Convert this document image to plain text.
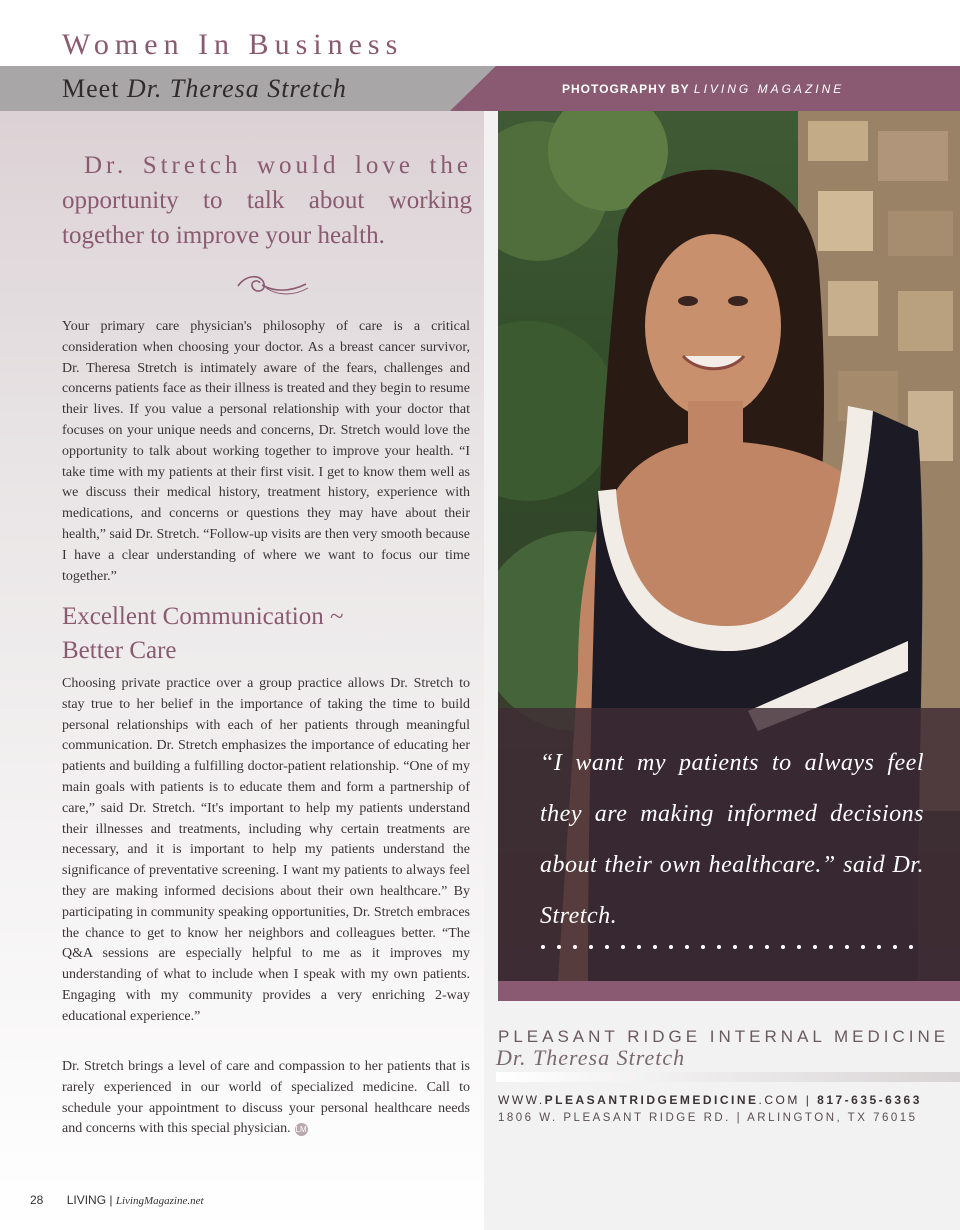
Women In Business
Meet Dr. Theresa Stretch	PHOTOGRAPHY BY LIVING MAGAZINE
Dr. Stretch would love the opportunity to talk about working together to improve your health.

Your primary care physician's philosophy of care is a critical consideration when choosing your doctor. As a breast cancer survivor, Dr. Theresa Stretch is intimately aware of the fears, challenges and concerns patients face as their illness is treated and they begin to resume their lives. If you value a personal relationship with your doctor that focuses on your unique needs and concerns, Dr. Stretch would love the opportunity to talk about working together to improve your health. “I take time with my patients at their first visit. I get to know them well as we discuss their medical history, treatment history, experience with medications, and concerns or questions they may have about their health,” said Dr. Stretch. “Follow-up visits are then very smooth because I have a clear understanding of where we want to focus our time together.”

Excellent Communication ~
Better Care

Choosing private practice over a group practice allows Dr. Stretch to stay true to her belief in the importance of taking the time to build personal relationships with each of her patients through meaningful communication. Dr. Stretch emphasizes the importance of educating her patients and building a fulfilling doctor-patient relationship. “One of my main goals with patients is to educate them and form a partnership of care,” said Dr. Stretch. “It's important to help my patients understand their illnesses and treatments, including why certain treatments are necessary, and it is important to help my patients understand the significance of preventative screening. I want my patients to always feel they are making informed decisions about their own healthcare.” By participating in community speaking opportunities, Dr. Stretch embraces the chance to get to know her neighbors and colleagues better. “The Q&A sessions are especially helpful to me as it improves my understanding of what to include when I speak with my own patients. Engaging with my community provides a very enriching 2-way educational experience.”

Dr. Stretch brings a level of care and compassion to her patients that is rarely experienced in our world of specialized medicine. Call to schedule your appointment to discuss your personal healthcare needs and concerns with this special physician. LM

“I want my patients to always feel they are making informed decisions about their own healthcare.” said Dr. Stretch.
PLEASANT RIDGE INTERNAL MEDICINE
Dr. Theresa Stretch
WWW.PLEASANTRIDGEMEDICINE.COM | 817-635-6363
1806 W. PLEASANT RIDGE RD. | ARLINGTON, TX 76015
28 LIVING | LivingMagazine.net
